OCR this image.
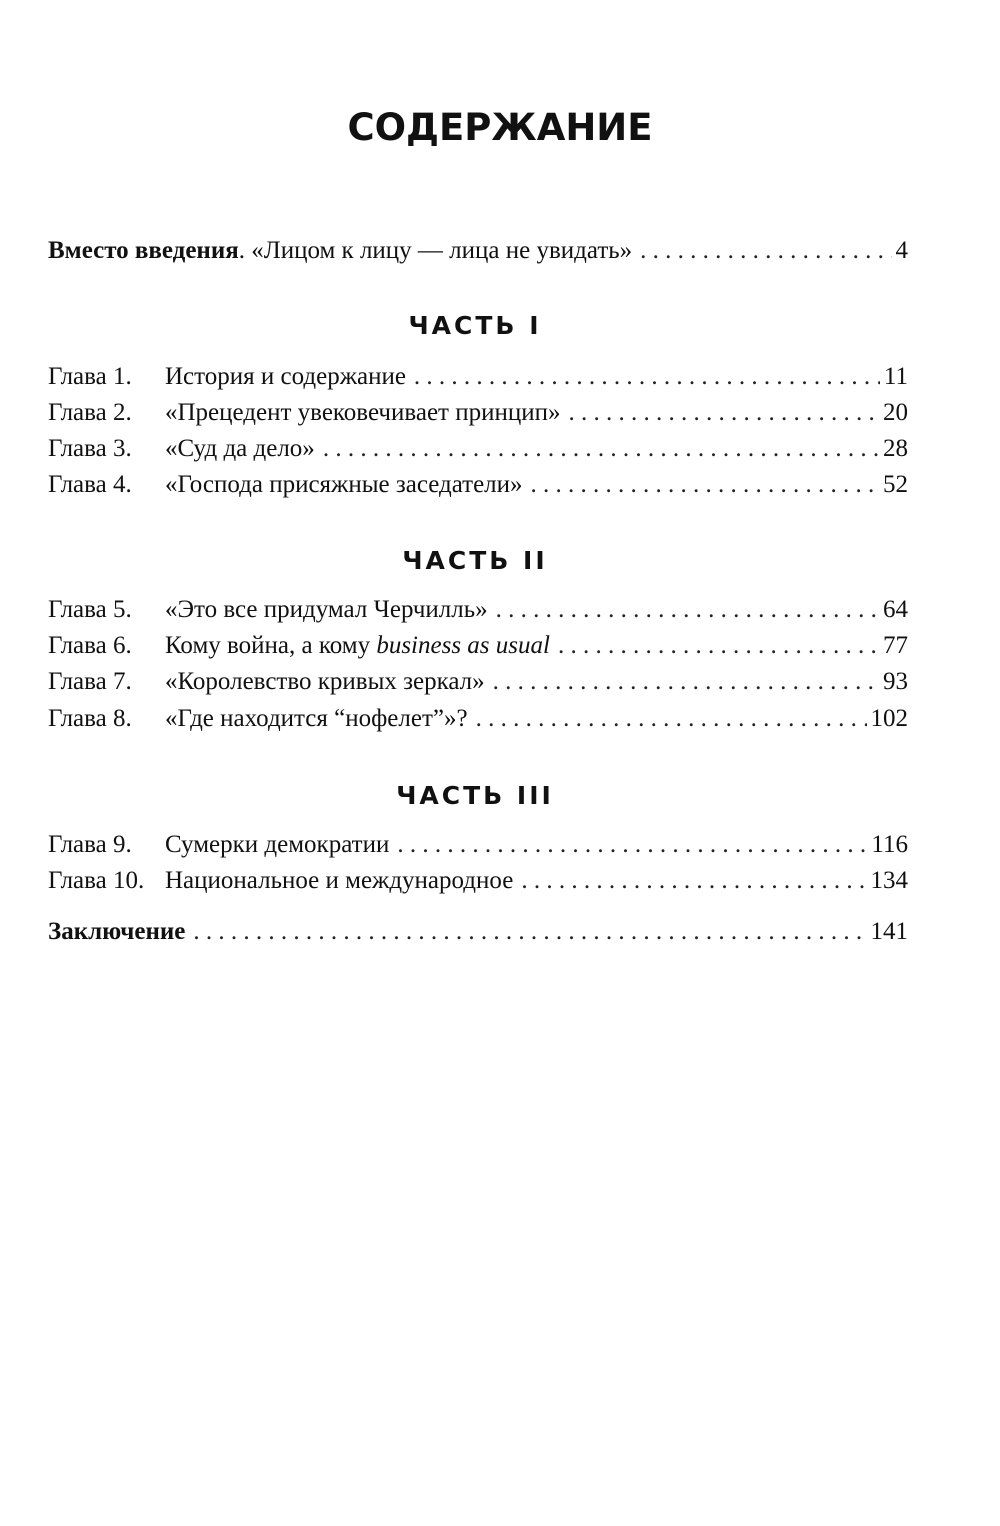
СОДЕРЖАНИЕ
Вместо введения. «Лицом к лицу — лица не увидать» . . .	4
ЧАСТЬ I
Глава 1.	История и содержание . . .	11
Глава 2.	«Прецедент увековечивает принцип» . . .	20
Глава 3.	«Суд да дело» . . .	28
Глава 4.	«Господа присяжные заседатели» . . .	52
ЧАСТЬ II
Глава 5.	«Это все придумал Черчилль» . . .	64
Глава 6.	Кому война, а кому business as usual . . .	77
Глава 7.	«Королевство кривых зеркал» . . .	93
Глава 8.	«Где находится “нофелет”»? . . .	102
ЧАСТЬ III
Глава 9.	Сумерки демократии . . .	116
Глава 10. Национальное и международное . . .	134
Заключение . . .	141
